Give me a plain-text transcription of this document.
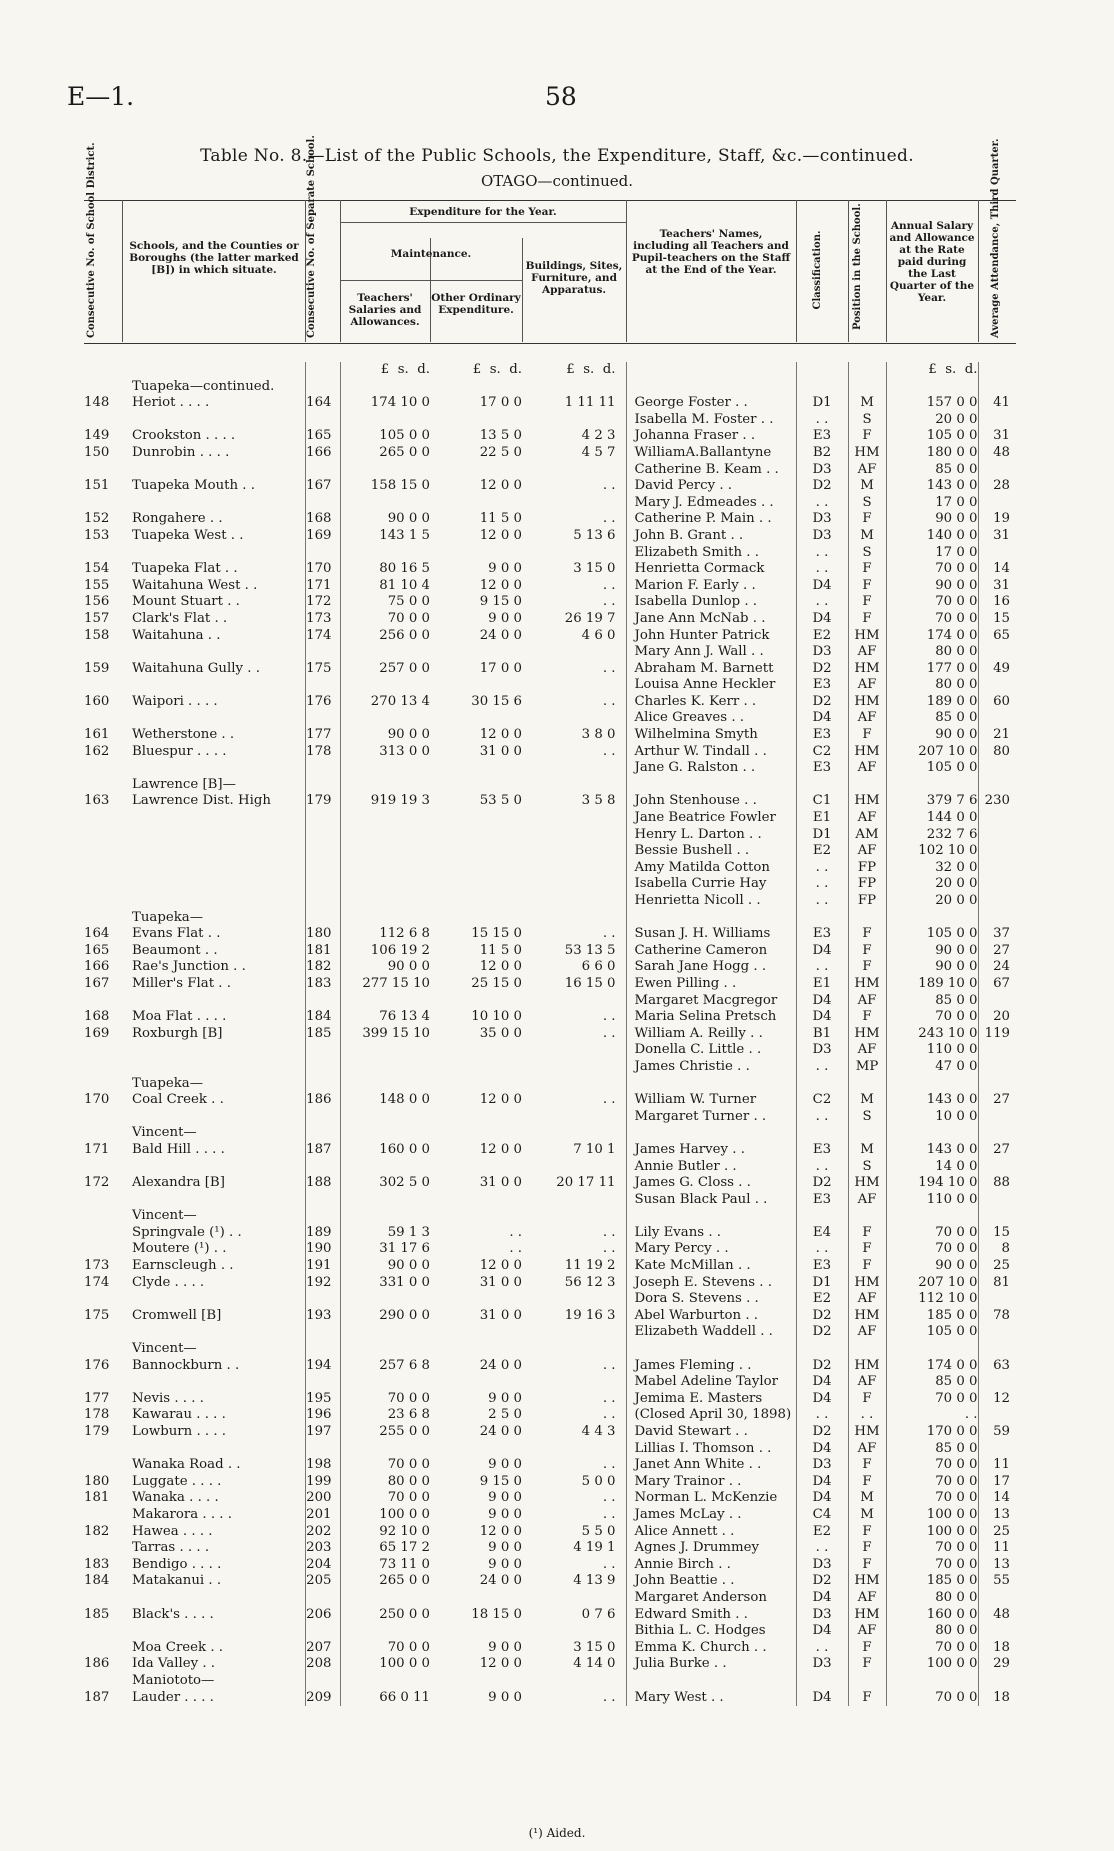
E—1.	58
Table No. 8.—List of the Public Schools, the Expenditure, Staff, &c.—continued.
OTAGO—continued.
Consecutive No. of School District.	Schools, and the Counties or Boroughs (the latter marked [B]) in which situate.	Consecutive No. of Separate School.	Expenditure for the Year.
Maintenance.
Teachers' Salaries and Allowances.
Other Ordinary Expenditure.
Buildings, Sites, Furniture, and Apparatus.
Teachers' Names, including all Teachers and Pupil-teachers on the Staff at the End of the Year.	Classification.	Position in the School.	Annual Salary and Allowance at the Rate paid during the Last Quarter of the Year.	Average Attendance, Third Quarter.
			£ s. d.	£ s. d.	£ s. d.				£ s. d.	
	Tuapeka—continued.									
148	Heriot . . . .	164	174 10 0	17 0 0	1 11 11	George Foster . .	D1	M	157 0 0	41
						Isabella M. Foster . .	. .	S	20 0 0	
149	Crookston . . . .	165	105 0 0	13 5 0	4 2 3	Johanna Fraser . .	E3	F	105 0 0	31
150	Dunrobin . . . .	166	265 0 0	22 5 0	4 5 7	WilliamA.Ballantyne	B2	HM	180 0 0	48
						Catherine B. Keam . .	D3	AF	85 0 0	
151	Tuapeka Mouth . .	167	158 15 0	12 0 0	. .	David Percy . .	D2	M	143 0 0	28
						Mary J. Edmeades . .	. .	S	17 0 0	
152	Rongahere . .	168	90 0 0	11 5 0	. .	Catherine P. Main . .	D3	F	90 0 0	19
153	Tuapeka West . .	169	143 1 5	12 0 0	5 13 6	John B. Grant . .	D3	M	140 0 0	31
						Elizabeth Smith . .	. .	S	17 0 0	
154	Tuapeka Flat . .	170	80 16 5	9 0 0	3 15 0	Henrietta Cormack	. .	F	70 0 0	14
155	Waitahuna West . .	171	81 10 4	12 0 0	. .	Marion F. Early . .	D4	F	90 0 0	31
156	Mount Stuart . .	172	75 0 0	9 15 0	. .	Isabella Dunlop . .	. .	F	70 0 0	16
157	Clark's Flat . .	173	70 0 0	9 0 0	26 19 7	Jane Ann McNab . .	D4	F	70 0 0	15
158	Waitahuna . .	174	256 0 0	24 0 0	4 6 0	John Hunter Patrick	E2	HM	174 0 0	65
						Mary Ann J. Wall . .	D3	AF	80 0 0	
159	Waitahuna Gully . .	175	257 0 0	17 0 0	. .	Abraham M. Barnett	D2	HM	177 0 0	49
						Louisa Anne Heckler	E3	AF	80 0 0	
160	Waipori . . . .	176	270 13 4	30 15 6	. .	Charles K. Kerr . .	D2	HM	189 0 0	60
						Alice Greaves . .	D4	AF	85 0 0	
161	Wetherstone . .	177	90 0 0	12 0 0	3 8 0	Wilhelmina Smyth	E3	F	90 0 0	21
162	Bluespur . . . .	178	313 0 0	31 0 0	. .	Arthur W. Tindall . .	C2	HM	207 10 0	80
						Jane G. Ralston . .	E3	AF	105 0 0	
	Lawrence [B]—									
163	Lawrence Dist. High	179	919 19 3	53 5 0	3 5 8	John Stenhouse . .	C1	HM	379 7 6	230
						Jane Beatrice Fowler	E1	AF	144 0 0	
						Henry L. Darton . .	D1	AM	232 7 6	
						Bessie Bushell . .	E2	AF	102 10 0	
						Amy Matilda Cotton	. .	FP	32 0 0	
						Isabella Currie Hay	. .	FP	20 0 0	
						Henrietta Nicoll . .	. .	FP	20 0 0	
	Tuapeka—									
164	Evans Flat . .	180	112 6 8	15 15 0	. .	Susan J. H. Williams	E3	F	105 0 0	37
165	Beaumont . .	181	106 19 2	11 5 0	53 13 5	Catherine Cameron	D4	F	90 0 0	27
166	Rae's Junction . .	182	90 0 0	12 0 0	6 6 0	Sarah Jane Hogg . .	. .	F	90 0 0	24
167	Miller's Flat . .	183	277 15 10	25 15 0	16 15 0	Ewen Pilling . .	E1	HM	189 10 0	67
						Margaret Macgregor	D4	AF	85 0 0	
168	Moa Flat . . . .	184	76 13 4	10 10 0	. .	Maria Selina Pretsch	D4	F	70 0 0	20
169	Roxburgh [B]	185	399 15 10	35 0 0	. .	William A. Reilly . .	B1	HM	243 10 0	119
						Donella C. Little . .	D3	AF	110 0 0	
						James Christie . .	. .	MP	47 0 0	
	Tuapeka—									
170	Coal Creek . .	186	148 0 0	12 0 0	. .	William W. Turner	C2	M	143 0 0	27
						Margaret Turner . .	. .	S	10 0 0	
	Vincent—									
171	Bald Hill . . . .	187	160 0 0	12 0 0	7 10 1	James Harvey . .	E3	M	143 0 0	27
						Annie Butler . .	. .	S	14 0 0	
172	Alexandra [B]	188	302 5 0	31 0 0	20 17 11	James G. Closs . .	D2	HM	194 10 0	88
						Susan Black Paul . .	E3	AF	110 0 0	
	Vincent—									
	Springvale (¹) . .	189	59 1 3	. .	. .	Lily Evans . .	E4	F	70 0 0	15
	Moutere (¹) . .	190	31 17 6	. .	. .	Mary Percy . .	. .	F	70 0 0	8
173	Earnscleugh . .	191	90 0 0	12 0 0	11 19 2	Kate McMillan . .	E3	F	90 0 0	25
174	Clyde . . . .	192	331 0 0	31 0 0	56 12 3	Joseph E. Stevens . .	D1	HM	207 10 0	81
						Dora S. Stevens . .	E2	AF	112 10 0	
175	Cromwell [B]	193	290 0 0	31 0 0	19 16 3	Abel Warburton . .	D2	HM	185 0 0	78
						Elizabeth Waddell . .	D2	AF	105 0 0	
	Vincent—									
176	Bannockburn . .	194	257 6 8	24 0 0	. .	James Fleming . .	D2	HM	174 0 0	63
						Mabel Adeline Taylor	D4	AF	85 0 0	
177	Nevis . . . .	195	70 0 0	9 0 0	. .	Jemima E. Masters	D4	F	70 0 0	12
178	Kawarau . . . .	196	23 6 8	2 5 0	. .	(Closed April 30, 1898)	. .	. .	. .	
179	Lowburn . . . .	197	255 0 0	24 0 0	4 4 3	David Stewart . .	D2	HM	170 0 0	59
						Lillias I. Thomson . .	D4	AF	85 0 0	
	Wanaka Road . .	198	70 0 0	9 0 0	. .	Janet Ann White . .	D3	F	70 0 0	11
180	Luggate . . . .	199	80 0 0	9 15 0	5 0 0	Mary Trainor . .	D4	F	70 0 0	17
181	Wanaka . . . .	200	70 0 0	9 0 0	. .	Norman L. McKenzie	D4	M	70 0 0	14
	Makarora . . . .	201	100 0 0	9 0 0	. .	James McLay . .	C4	M	100 0 0	13
182	Hawea . . . .	202	92 10 0	12 0 0	5 5 0	Alice Annett . .	E2	F	100 0 0	25
	Tarras . . . .	203	65 17 2	9 0 0	4 19 1	Agnes J. Drummey	. .	F	70 0 0	11
183	Bendigo . . . .	204	73 11 0	9 0 0	. .	Annie Birch . .	D3	F	70 0 0	13
184	Matakanui . .	205	265 0 0	24 0 0	4 13 9	John Beattie . .	D2	HM	185 0 0	55
						Margaret Anderson	D4	AF	80 0 0	
185	Black's . . . .	206	250 0 0	18 15 0	0 7 6	Edward Smith . .	D3	HM	160 0 0	48
						Bithia L. C. Hodges	D4	AF	80 0 0	
	Moa Creek . .	207	70 0 0	9 0 0	3 15 0	Emma K. Church . .	. .	F	70 0 0	18
186	Ida Valley . .	208	100 0 0	12 0 0	4 14 0	Julia Burke . .	D3	F	100 0 0	29
	Maniototo—									
187	Lauder . . . .	209	66 0 11	9 0 0	. .	Mary West . .	D4	F	70 0 0	18
(¹) Aided.
